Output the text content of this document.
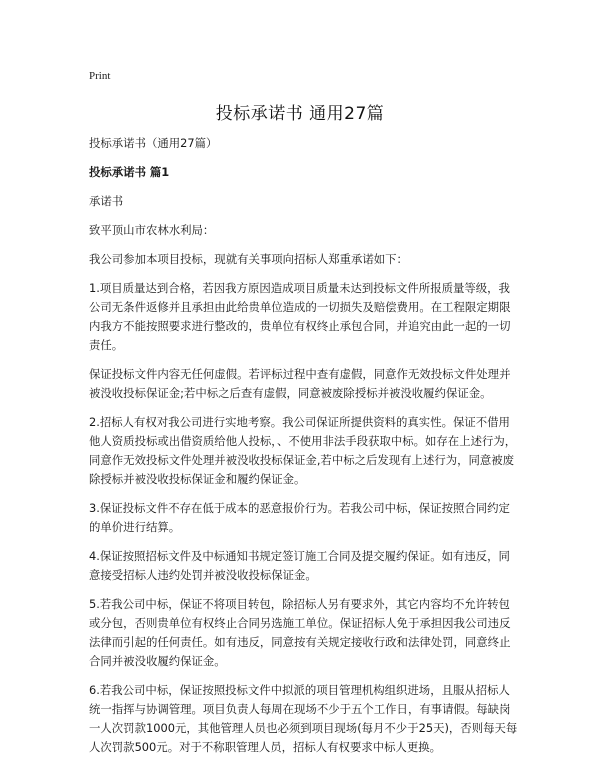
Print
投标承诺书 通用27篇

投标承诺书（通用27篇）

投标承诺书 篇1

承诺书

致平顶山市农林水利局：

我公司参加本项目投标，现就有关事项向招标人郑重承诺如下：

1.项目质量达到合格，若因我方原因造成项目质量未达到投标文件所报质量等级，我公司无条件返修并且承担由此给贵单位造成的一切损失及赔偿费用。在工程限定期限内我方不能按照要求进行整改的，贵单位有权终止承包合同，并追究由此一起的一切责任。

保证投标文件内容无任何虚假。若评标过程中查有虚假，同意作无效投标文件处理并被没收投标保证金;若中标之后查有虚假，同意被废除授标并被没收履约保证金。

2.招标人有权对我公司进行实地考察。我公司保证所提供资料的真实性。保证不借用他人资质投标或出借资质给他人投标，、不使用非法手段获取中标。如存在上述行为，同意作无效投标文件处理并被没收投标保证金,若中标之后发现有上述行为，同意被废除授标并被没收投标保证金和履约保证金。

3.保证投标文件不存在低于成本的恶意报价行为。若我公司中标，保证按照合同约定的单价进行结算。

4.保证按照招标文件及中标通知书规定签订施工合同及提交履约保证。如有违反，同意接受招标人违约处罚并被没收投标保证金。

5.若我公司中标，保证不将项目转包，除招标人另有要求外，其它内容均不允许转包或分包，否则贵单位有权终止合同另选施工单位。保证招标人免于承担因我公司违反法律而引起的任何责任。如有违反，同意按有关规定接收行政和法律处罚，同意终止合同并被没收履约保证金。

6.若我公司中标，保证按照投标文件中拟派的项目管理机构组织进场，且服从招标人统一指挥与协调管理。项目负责人每周在现场不少于五个工作日，有事请假。每缺岗一人次罚款1000元，其他管理人员也必须到项目现场(每月不少于25天)，否则每天每人次罚款500元。对于不称职管理人员，招标人有权要求中标人更换。
